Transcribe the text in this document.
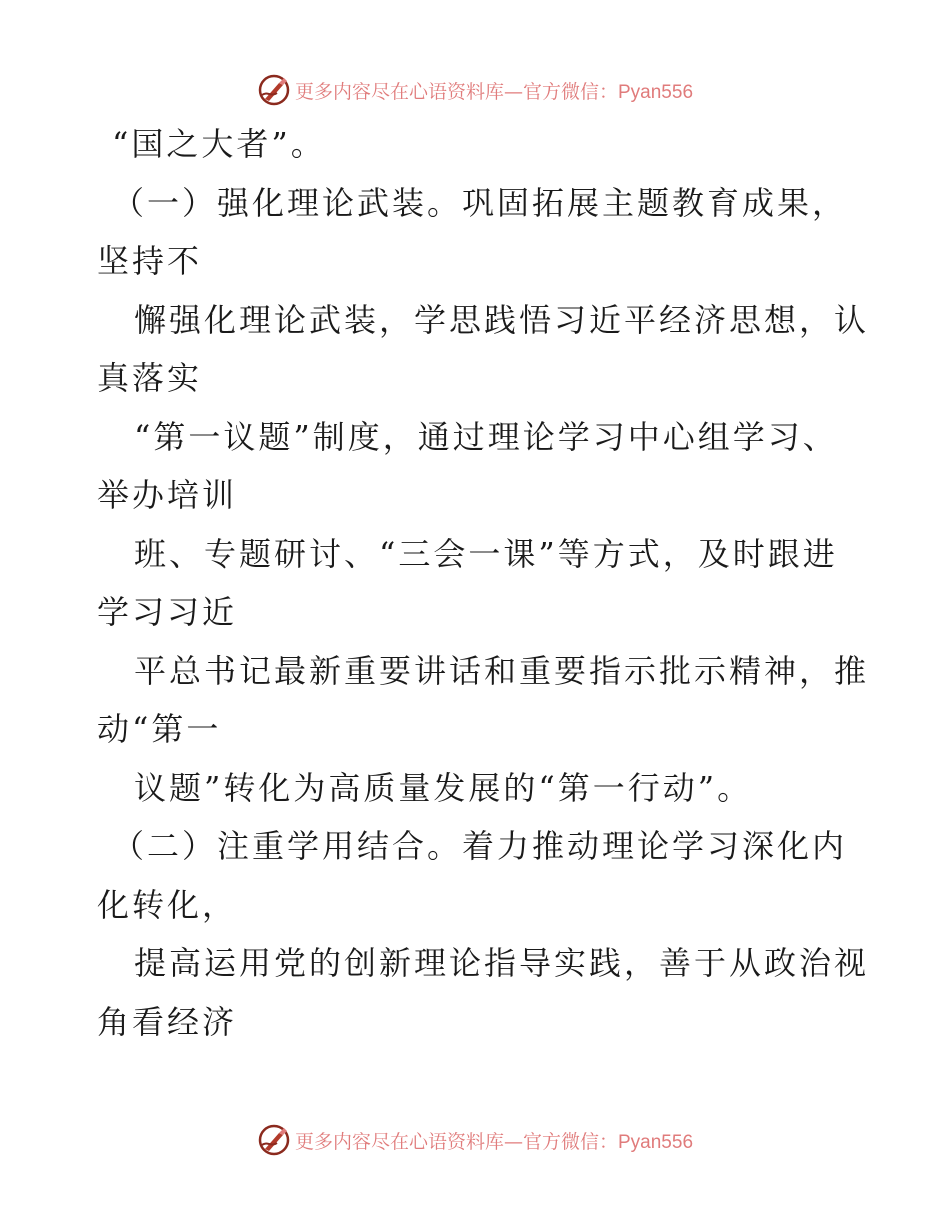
更多内容尽在心语资料库—官方微信：Pyan556
“国之大者”。
（一）强化理论武装。巩固拓展主题教育成果，
坚持不
懈强化理论武装，学思践悟习近平经济思想，认
真落实
“第一议题”制度，通过理论学习中心组学习、
举办培训
班、专题研讨、“三会一课”等方式，及时跟进
学习习近
平总书记最新重要讲话和重要指示批示精神，推
动“第一
议题”转化为高质量发展的“第一行动”。
（二）注重学用结合。着力推动理论学习深化内
化转化，
提高运用党的创新理论指导实践，善于从政治视
角看经济
更多内容尽在心语资料库—官方微信：Pyan556
